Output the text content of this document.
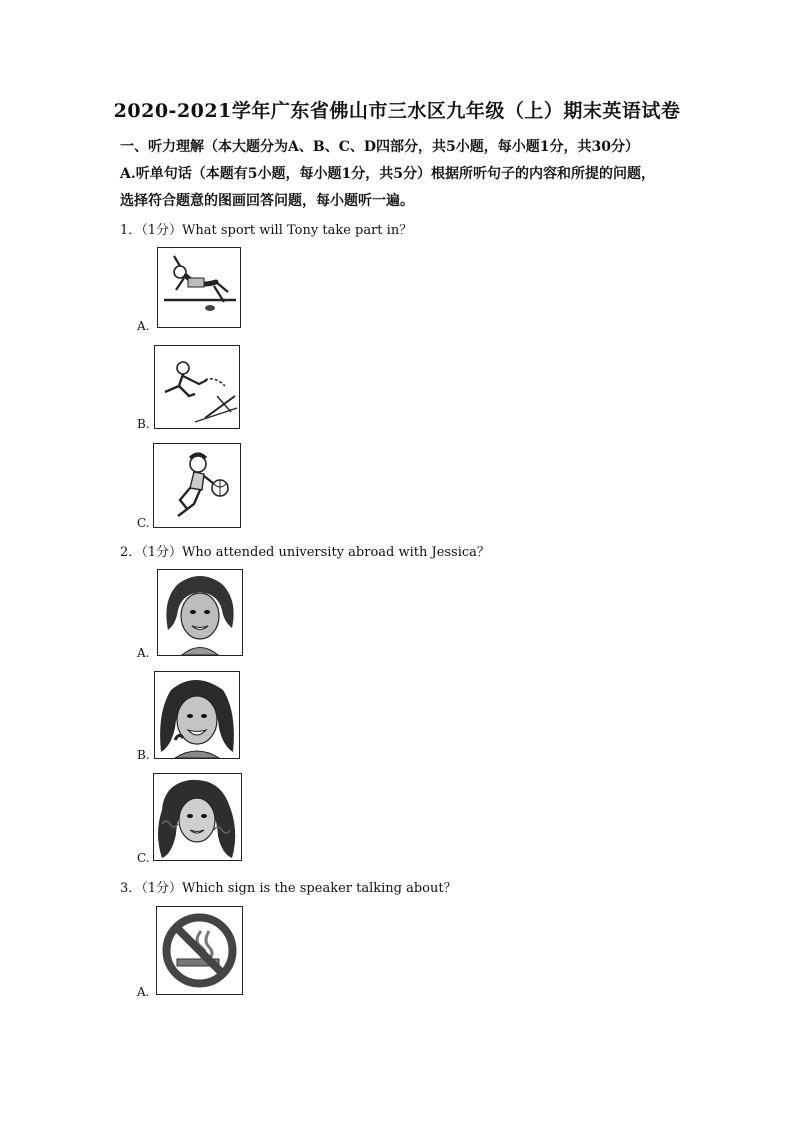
2020-2021学年广东省佛山市三水区九年级（上）期末英语试卷
一、听力理解（本大题分为A、B、C、D四部分，共5小题，每小题1分，共30分）
A.听单句话（本题有5小题，每小题1分，共5分）根据所听句子的内容和所提的问题，
选择符合题意的图画回答问题，每小题听一遍。
1．（1分）What sport will Tony take part in？
A.
B.
C.
2．（1分）Who attended university abroad with Jessica？
A.
B.
C.
3．（1分）Which sign is the speaker talking about？
A.
